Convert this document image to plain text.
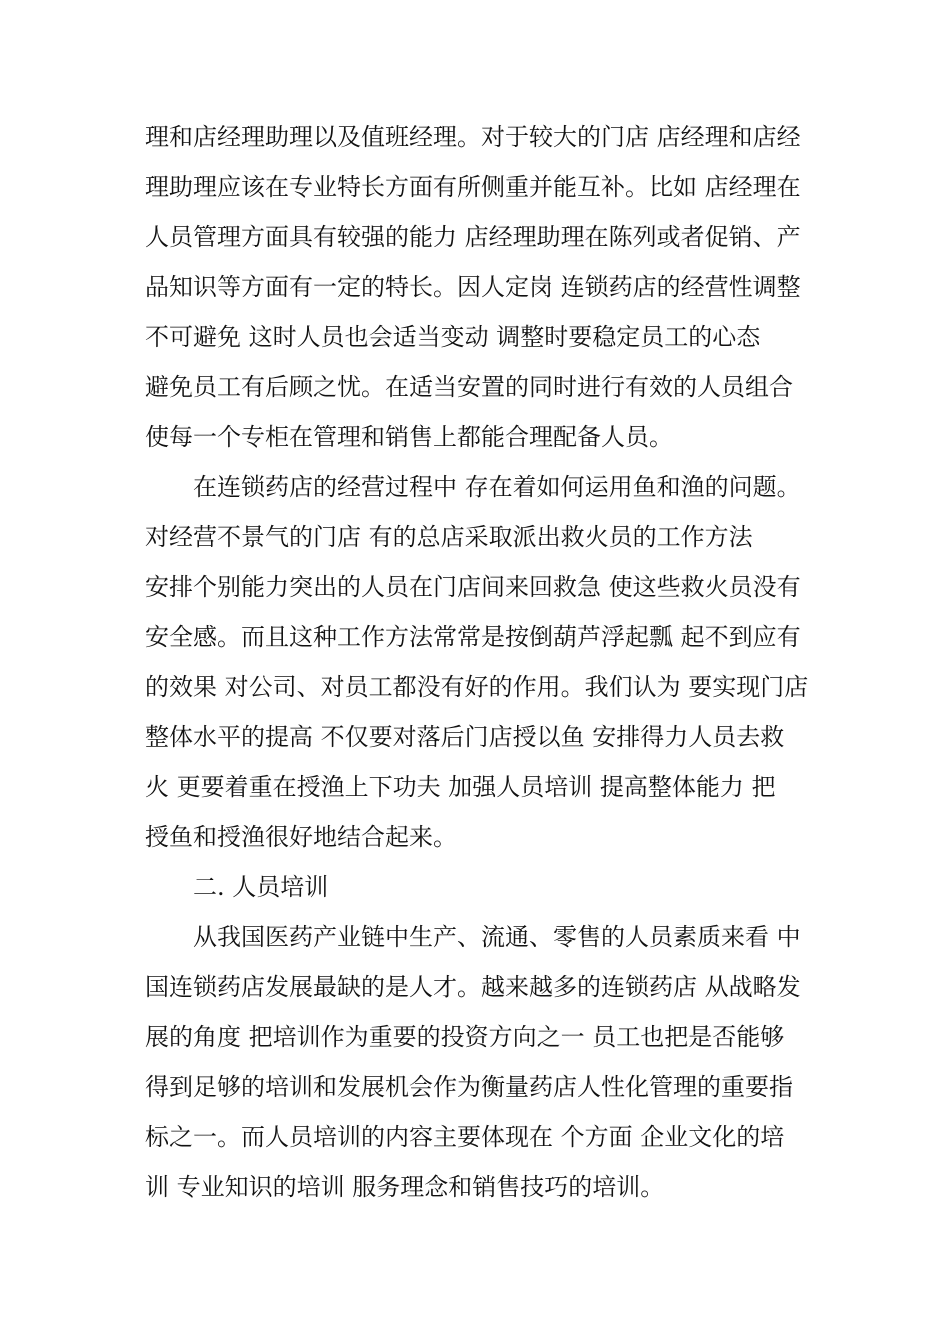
理和店经理助理以及值班经理。对于较大的门店 店经理和店经
理助理应该在专业特长方面有所侧重并能互补。比如 店经理在
人员管理方面具有较强的能力 店经理助理在陈列或者促销、产
品知识等方面有一定的特长。因人定岗 连锁药店的经营性调整
不可避免 这时人员也会适当变动 调整时要稳定员工的心态
避免员工有后顾之忧。在适当安置的同时进行有效的人员组合
使每一个专柜在管理和销售上都能合理配备人员。
在连锁药店的经营过程中 存在着如何运用鱼和渔的问题。
对经营不景气的门店 有的总店采取派出救火员的工作方法
安排个别能力突出的人员在门店间来回救急 使这些救火员没有
安全感。而且这种工作方法常常是按倒葫芦浮起瓢 起不到应有
的效果 对公司、对员工都没有好的作用。我们认为 要实现门店
整体水平的提高 不仅要对落后门店授以鱼 安排得力人员去救
火 更要着重在授渔上下功夫 加强人员培训 提高整体能力 把
授鱼和授渔很好地结合起来。
二. 人员培训
从我国医药产业链中生产、流通、零售的人员素质来看 中
国连锁药店发展最缺的是人才。越来越多的连锁药店 从战略发
展的角度 把培训作为重要的投资方向之一 员工也把是否能够
得到足够的培训和发展机会作为衡量药店人性化管理的重要指
标之一。而人员培训的内容主要体现在 个方面 企业文化的培
训 专业知识的培训 服务理念和销售技巧的培训。
